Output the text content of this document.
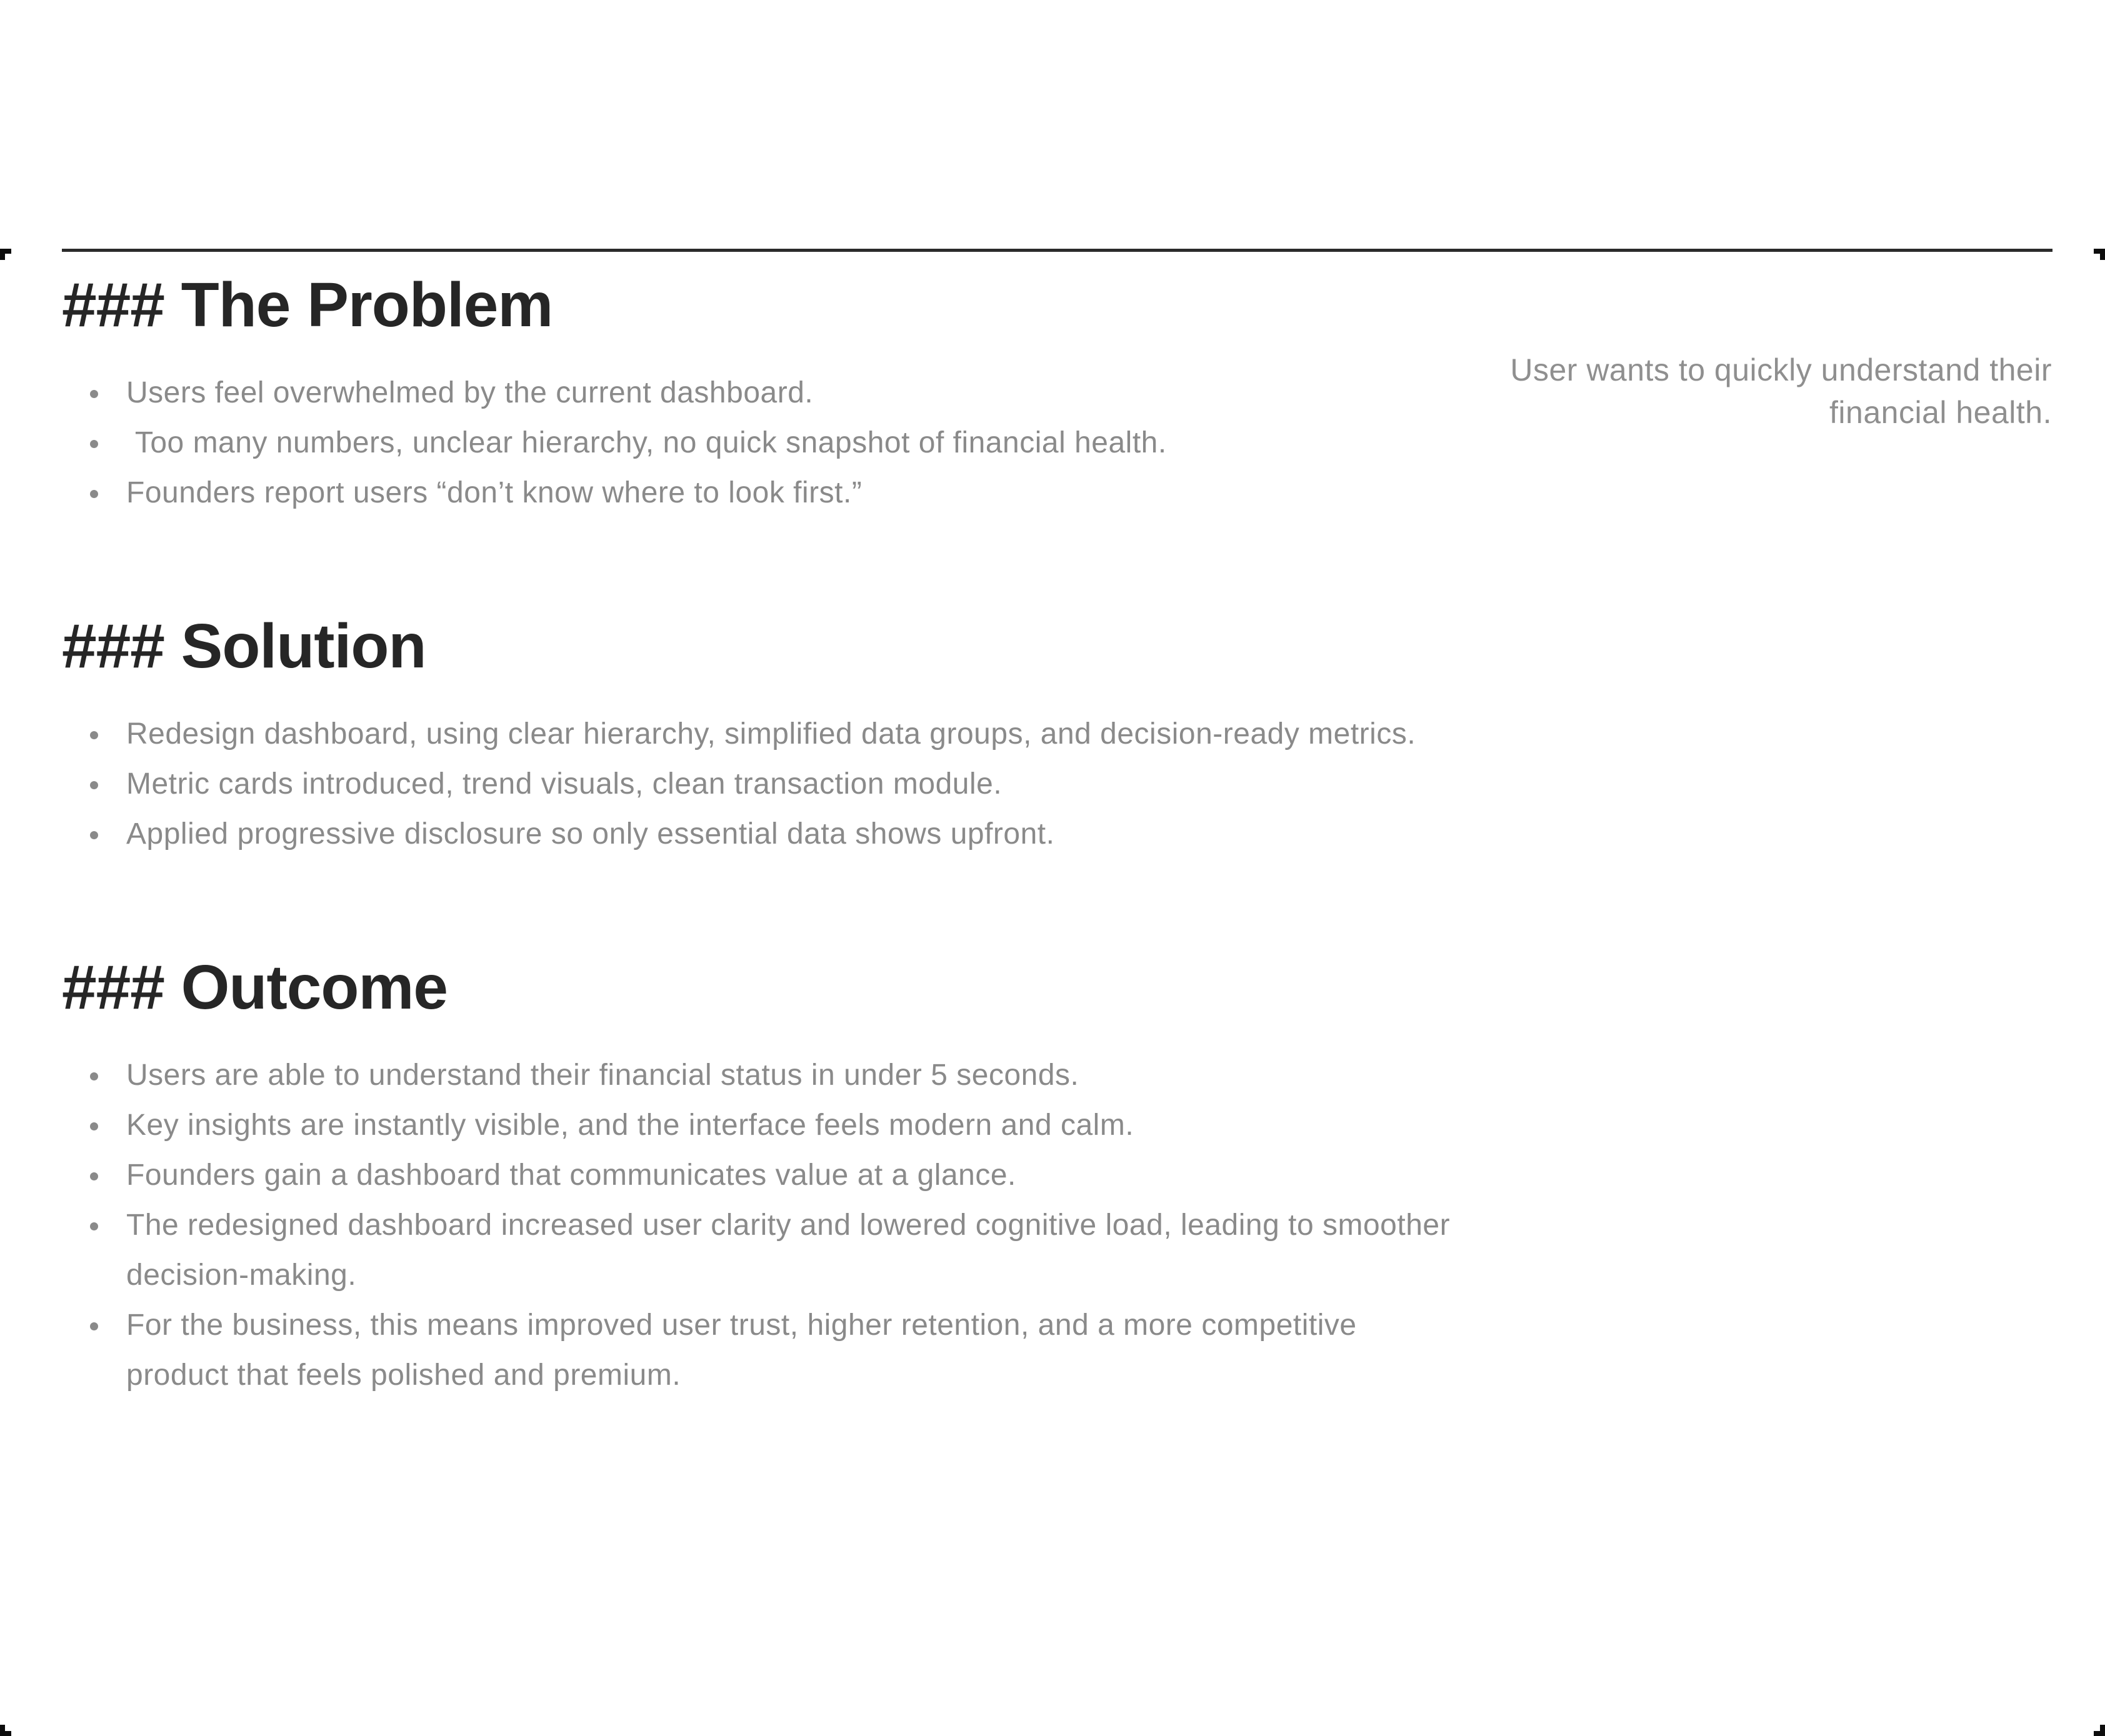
User wants to quickly understand their
financial health.
### The Problem
Users feel overwhelmed by the current dashboard.
Too many numbers, unclear hierarchy, no quick snapshot of financial health.
Founders report users “don’t know where to look first.”
### Solution
Redesign dashboard, using clear hierarchy, simplified data groups, and decision-ready metrics.
Metric cards introduced, trend visuals, clean transaction module.
Applied progressive disclosure so only essential data shows upfront.
### Outcome
Users are able to understand their financial status in under 5 seconds.
Key insights are instantly visible, and the interface feels modern and calm.
Founders gain a dashboard that communicates value at a glance.
The redesigned dashboard increased user clarity and lowered cognitive load, leading to smoother
decision-making.
For the business, this means improved user trust, higher retention, and a more competitive
product that feels polished and premium.
